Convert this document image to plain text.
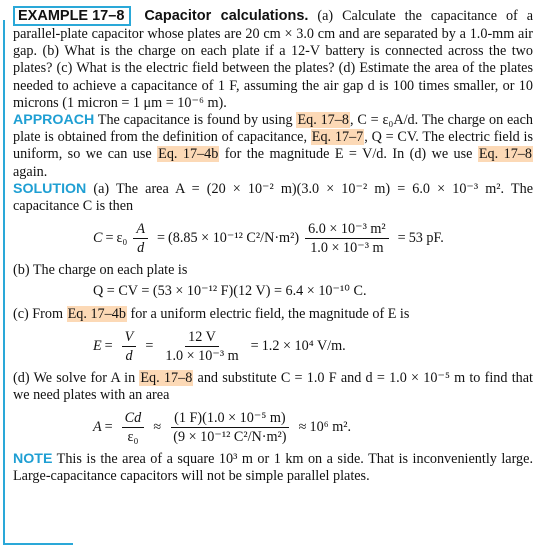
EXAMPLE 17–8 Capacitor calculations. (a) Calculate the capacitance of a parallel-plate capacitor whose plates are 20 cm × 3.0 cm and are separated by a 1.0-mm air gap. (b) What is the charge on each plate if a 12-V battery is connected across the two plates? (c) What is the electric field between the plates? (d) Estimate the area of the plates needed to achieve a capacitance of 1 F, assuming the air gap d is 100 times smaller, or 10 microns (1 micron = 1 μm = 10⁻⁶ m).

APPROACH The capacitance is found by using Eq. 17–8, C = ε₀A/d. The charge on each plate is obtained from the definition of capacitance, Eq. 17–7, Q = CV. The electric field is uniform, so we can use Eq. 17–4b for the magnitude E = V/d. In (d) we use Eq. 17–8 again.

SOLUTION (a) The area A = (20 × 10⁻² m)(3.0 × 10⁻² m) = 6.0 × 10⁻³ m². The capacitance C is then

$C = \varepsilon_0 \frac{A}{d} = (8.85 \times 10^{-12}$ $C^2/N\cdot m^2) \frac{\text{6.0 × 10⁻³ m²}}{\text{1.0 × 10⁻³ m}} = 53$ pF.

(b) The charge on each plate is

Q = CV = (53 × 10⁻¹² F)(12 V) = 6.4 × 10⁻¹⁰ C.

(c) From Eq. 17–4b for a uniform electric field, the magnitude of E is

$E = \frac{V}{d} = \frac{12 V}{\text{1.0 × 10⁻³ m}} = 1.2 \times 10^4$ V/m.

(d) We solve for A in Eq. 17–8 and substitute C = 1.0 F and d = 1.0 × 10⁻⁵ m to find that we need plates with an area

$A = \frac{Cd}{\text{ε₀}} \approx \frac{\text{(1 F)(1.0 × 10⁻⁵ m)}}{\text{(9 × 10⁻¹² C²/N·m²)}} \approx 10^6$ m².

NOTE This is the area of a square 10³ m or 1 km on a side. That is inconveniently large. Large-capacitance capacitors will not be simple parallel plates.
